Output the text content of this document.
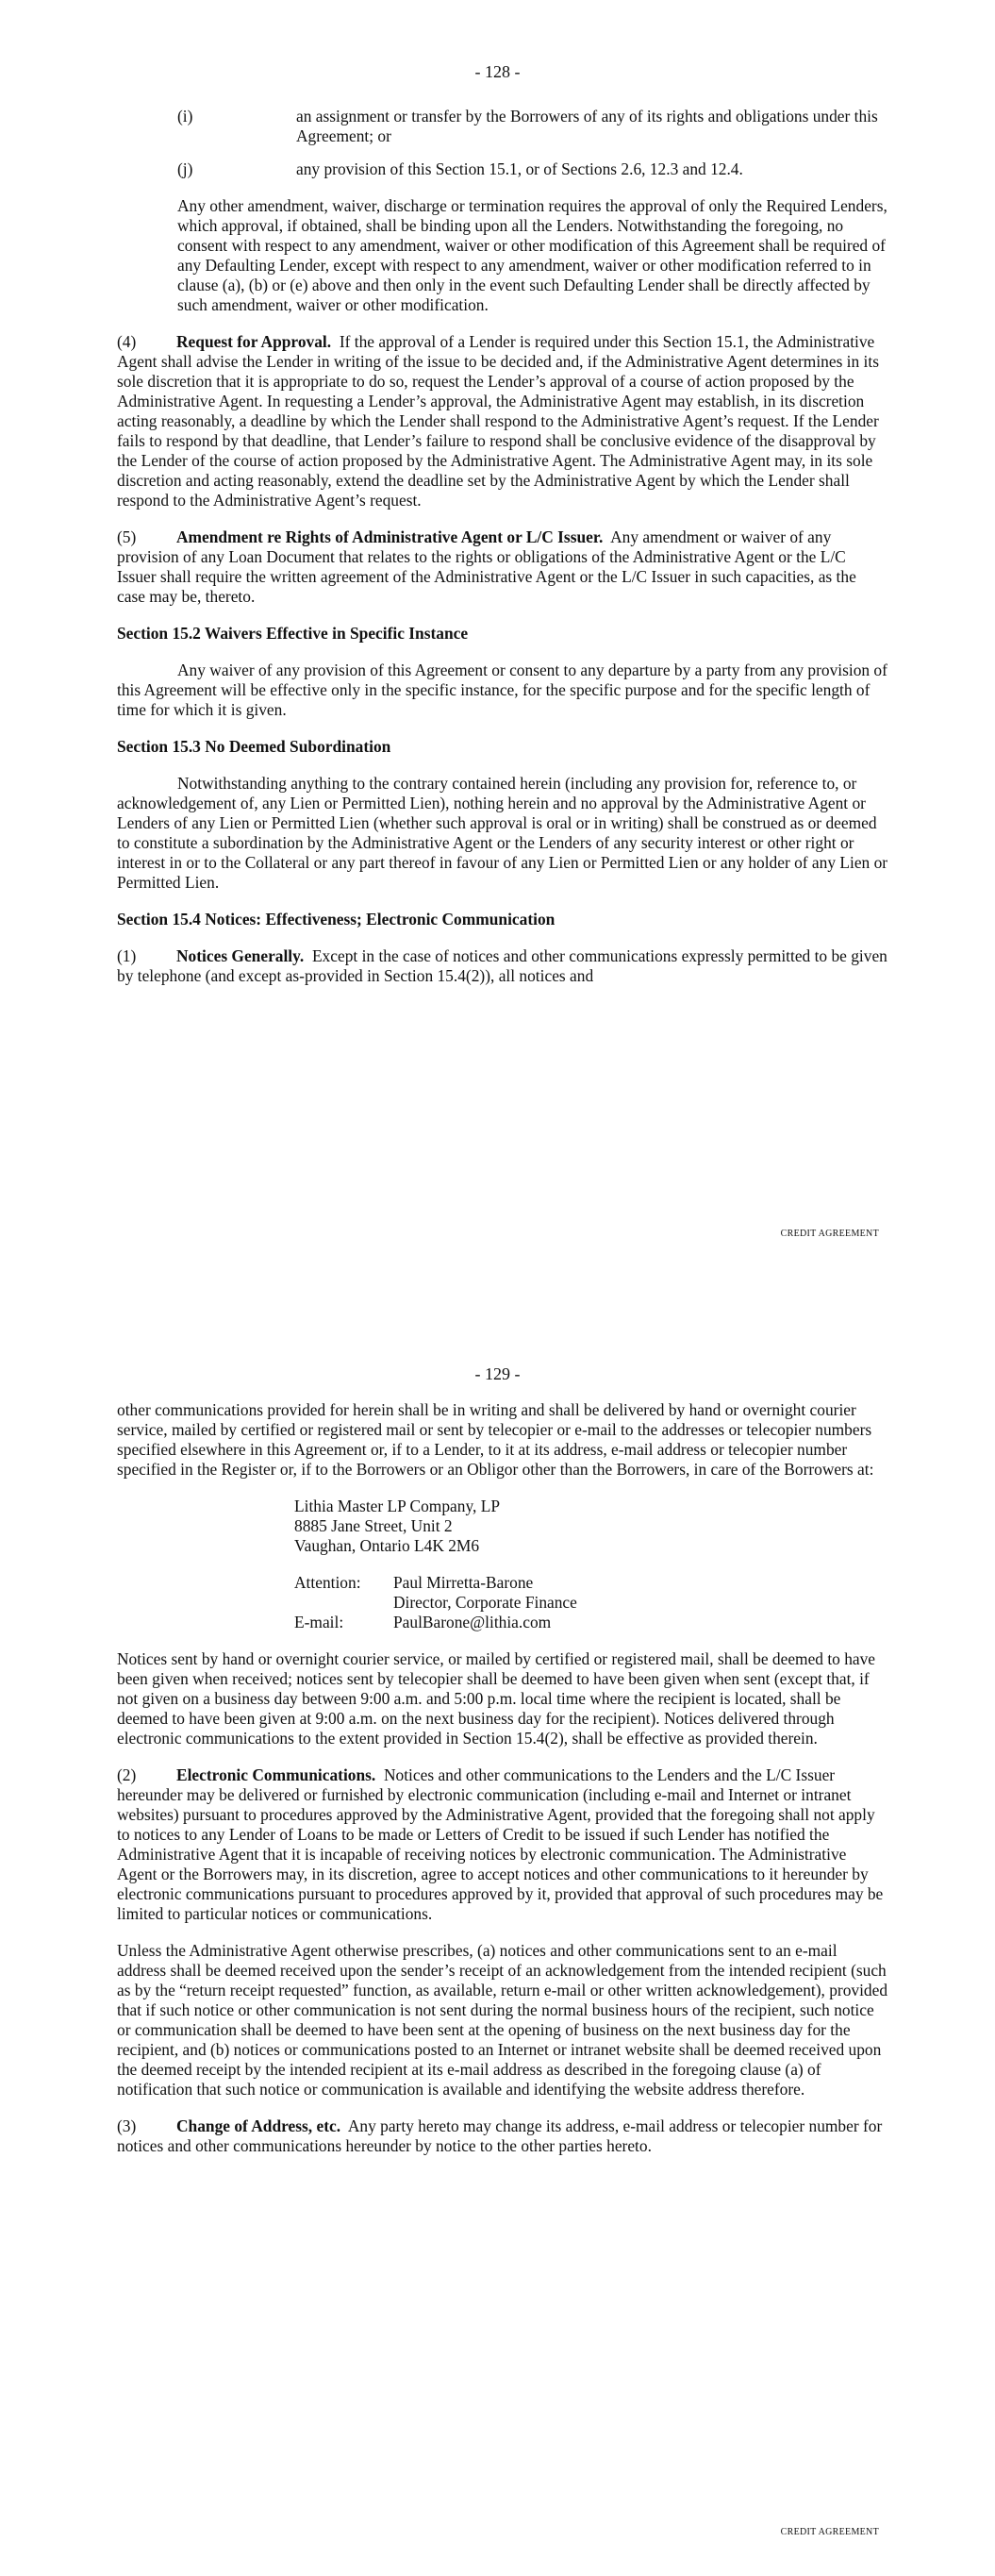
- 128 -
(i)	an assignment or transfer by the Borrowers of any of its rights and obligations under this Agreement; or
(j)	any provision of this Section 15.1, or of Sections 2.6, 12.3 and 12.4.

Any other amendment, waiver, discharge or termination requires the approval of only the Required Lenders, which approval, if obtained, shall be binding upon all the Lenders. Notwithstanding the foregoing, no consent with respect to any amendment, waiver or other modification of this Agreement shall be required of any Defaulting Lender, except with respect to any amendment, waiver or other modification referred to in clause (a), (b) or (e) above and then only in the event such Defaulting Lender shall be directly affected by such amendment, waiver or other modification.

(4) Request for Approval. If the approval of a Lender is required under this Section 15.1, the Administrative Agent shall advise the Lender in writing of the issue to be decided and, if the Administrative Agent determines in its sole discretion that it is appropriate to do so, request the Lender’s approval of a course of action proposed by the Administrative Agent. In requesting a Lender’s approval, the Administrative Agent may establish, in its discretion acting reasonably, a deadline by which the Lender shall respond to the Administrative Agent’s request. If the Lender fails to respond by that deadline, that Lender’s failure to respond shall be conclusive evidence of the disapproval by the Lender of the course of action proposed by the Administrative Agent. The Administrative Agent may, in its sole discretion and acting reasonably, extend the deadline set by the Administrative Agent by which the Lender shall respond to the Administrative Agent’s request.

(5) Amendment re Rights of Administrative Agent or L/C Issuer. Any amendment or waiver of any provision of any Loan Document that relates to the rights or obligations of the Administrative Agent or the L/C Issuer shall require the written agreement of the Administrative Agent or the L/C Issuer in such capacities, as the case may be, thereto.

Section 15.2 Waivers Effective in Specific Instance

Any waiver of any provision of this Agreement or consent to any departure by a party from any provision of this Agreement will be effective only in the specific instance, for the specific purpose and for the specific length of time for which it is given.

Section 15.3 No Deemed Subordination

Notwithstanding anything to the contrary contained herein (including any provision for, reference to, or acknowledgement of, any Lien or Permitted Lien), nothing herein and no approval by the Administrative Agent or Lenders of any Lien or Permitted Lien (whether such approval is oral or in writing) shall be construed as or deemed to constitute a subordination by the Administrative Agent or the Lenders of any security interest or other right or interest in or to the Collateral or any part thereof in favour of any Lien or Permitted Lien or any holder of any Lien or Permitted Lien.

Section 15.4 Notices: Effectiveness; Electronic Communication

(1) Notices Generally. Except in the case of notices and other communications expressly permitted to be given by telephone (and except as-provided in Section 15.4(2)), all notices and

CREDIT AGREEMENT
- 129 -

other communications provided for herein shall be in writing and shall be delivered by hand or overnight courier service, mailed by certified or registered mail or sent by telecopier or e-mail to the addresses or telecopier numbers specified elsewhere in this Agreement or, if to a Lender, to it at its address, e-mail address or telecopier number specified in the Register or, if to the Borrowers or an Obligor other than the Borrowers, in care of the Borrowers at:

Lithia Master LP Company, LP
8885 Jane Street, Unit 2
Vaughan, Ontario L4K 2M6
Attention:	Paul Mirretta-Barone
Director, Corporate Finance
E-mail:	PaulBarone@lithia.com

Notices sent by hand or overnight courier service, or mailed by certified or registered mail, shall be deemed to have been given when received; notices sent by telecopier shall be deemed to have been given when sent (except that, if not given on a business day between 9:00 a.m. and 5:00 p.m. local time where the recipient is located, shall be deemed to have been given at 9:00 a.m. on the next business day for the recipient). Notices delivered through electronic communications to the extent provided in Section 15.4(2), shall be effective as provided therein.

(2) Electronic Communications. Notices and other communications to the Lenders and the L/C Issuer hereunder may be delivered or furnished by electronic communication (including e-mail and Internet or intranet websites) pursuant to procedures approved by the Administrative Agent, provided that the foregoing shall not apply to notices to any Lender of Loans to be made or Letters of Credit to be issued if such Lender has notified the Administrative Agent that it is incapable of receiving notices by electronic communication. The Administrative Agent or the Borrowers may, in its discretion, agree to accept notices and other communications to it hereunder by electronic communications pursuant to procedures approved by it, provided that approval of such procedures may be limited to particular notices or communications.

Unless the Administrative Agent otherwise prescribes, (a) notices and other communications sent to an e-mail address shall be deemed received upon the sender’s receipt of an acknowledgement from the intended recipient (such as by the “return receipt requested” function, as available, return e-mail or other written acknowledgement), provided that if such notice or other communication is not sent during the normal business hours of the recipient, such notice or communication shall be deemed to have been sent at the opening of business on the next business day for the recipient, and (b) notices or communications posted to an Internet or intranet website shall be deemed received upon the deemed receipt by the intended recipient at its e-mail address as described in the foregoing clause (a) of notification that such notice or communication is available and identifying the website address therefore.

(3) Change of Address, etc. Any party hereto may change its address, e-mail address or telecopier number for notices and other communications hereunder by notice to the other parties hereto.

CREDIT AGREEMENT
